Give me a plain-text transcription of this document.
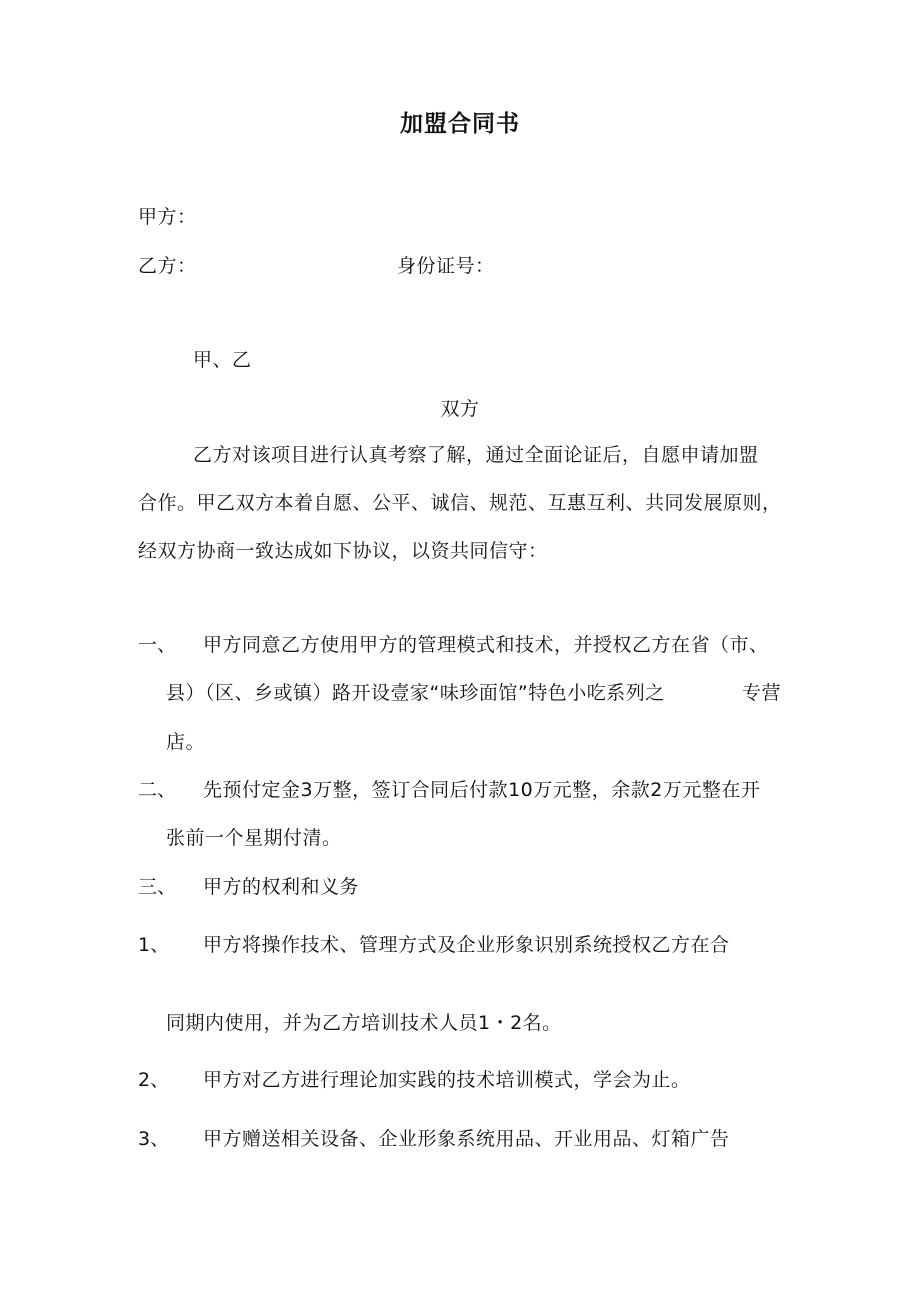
加盟合同书
甲方：
乙方：	身份证号：
甲、乙
双方
乙方对该项目进行认真考察了解，通过全面论证后，自愿申请加盟
合作。甲乙双方本着自愿、公平、诚信、规范、互惠互利、共同发展原则，
经双方协商一致达成如下协议，以资共同信守：
一、 甲方同意乙方使用甲方的管理模式和技术，并授权乙方在省（市、
县）（区、乡或镇）路开设壹家“味珍面馆”特色小吃系列之	专营
店。
二、 先预付定金3万整，签订合同后付款10万元整，余款2万元整在开
张前一个星期付清。
三、 甲方的权利和义务
1、 甲方将操作技术、管理方式及企业形象识别系统授权乙方在合
同期内使用，并为乙方培训技术人员1・2名。
2、 甲方对乙方进行理论加实践的技术培训模式，学会为止。
3、 甲方赠送相关设备、企业形象系统用品、开业用品、灯箱广告
